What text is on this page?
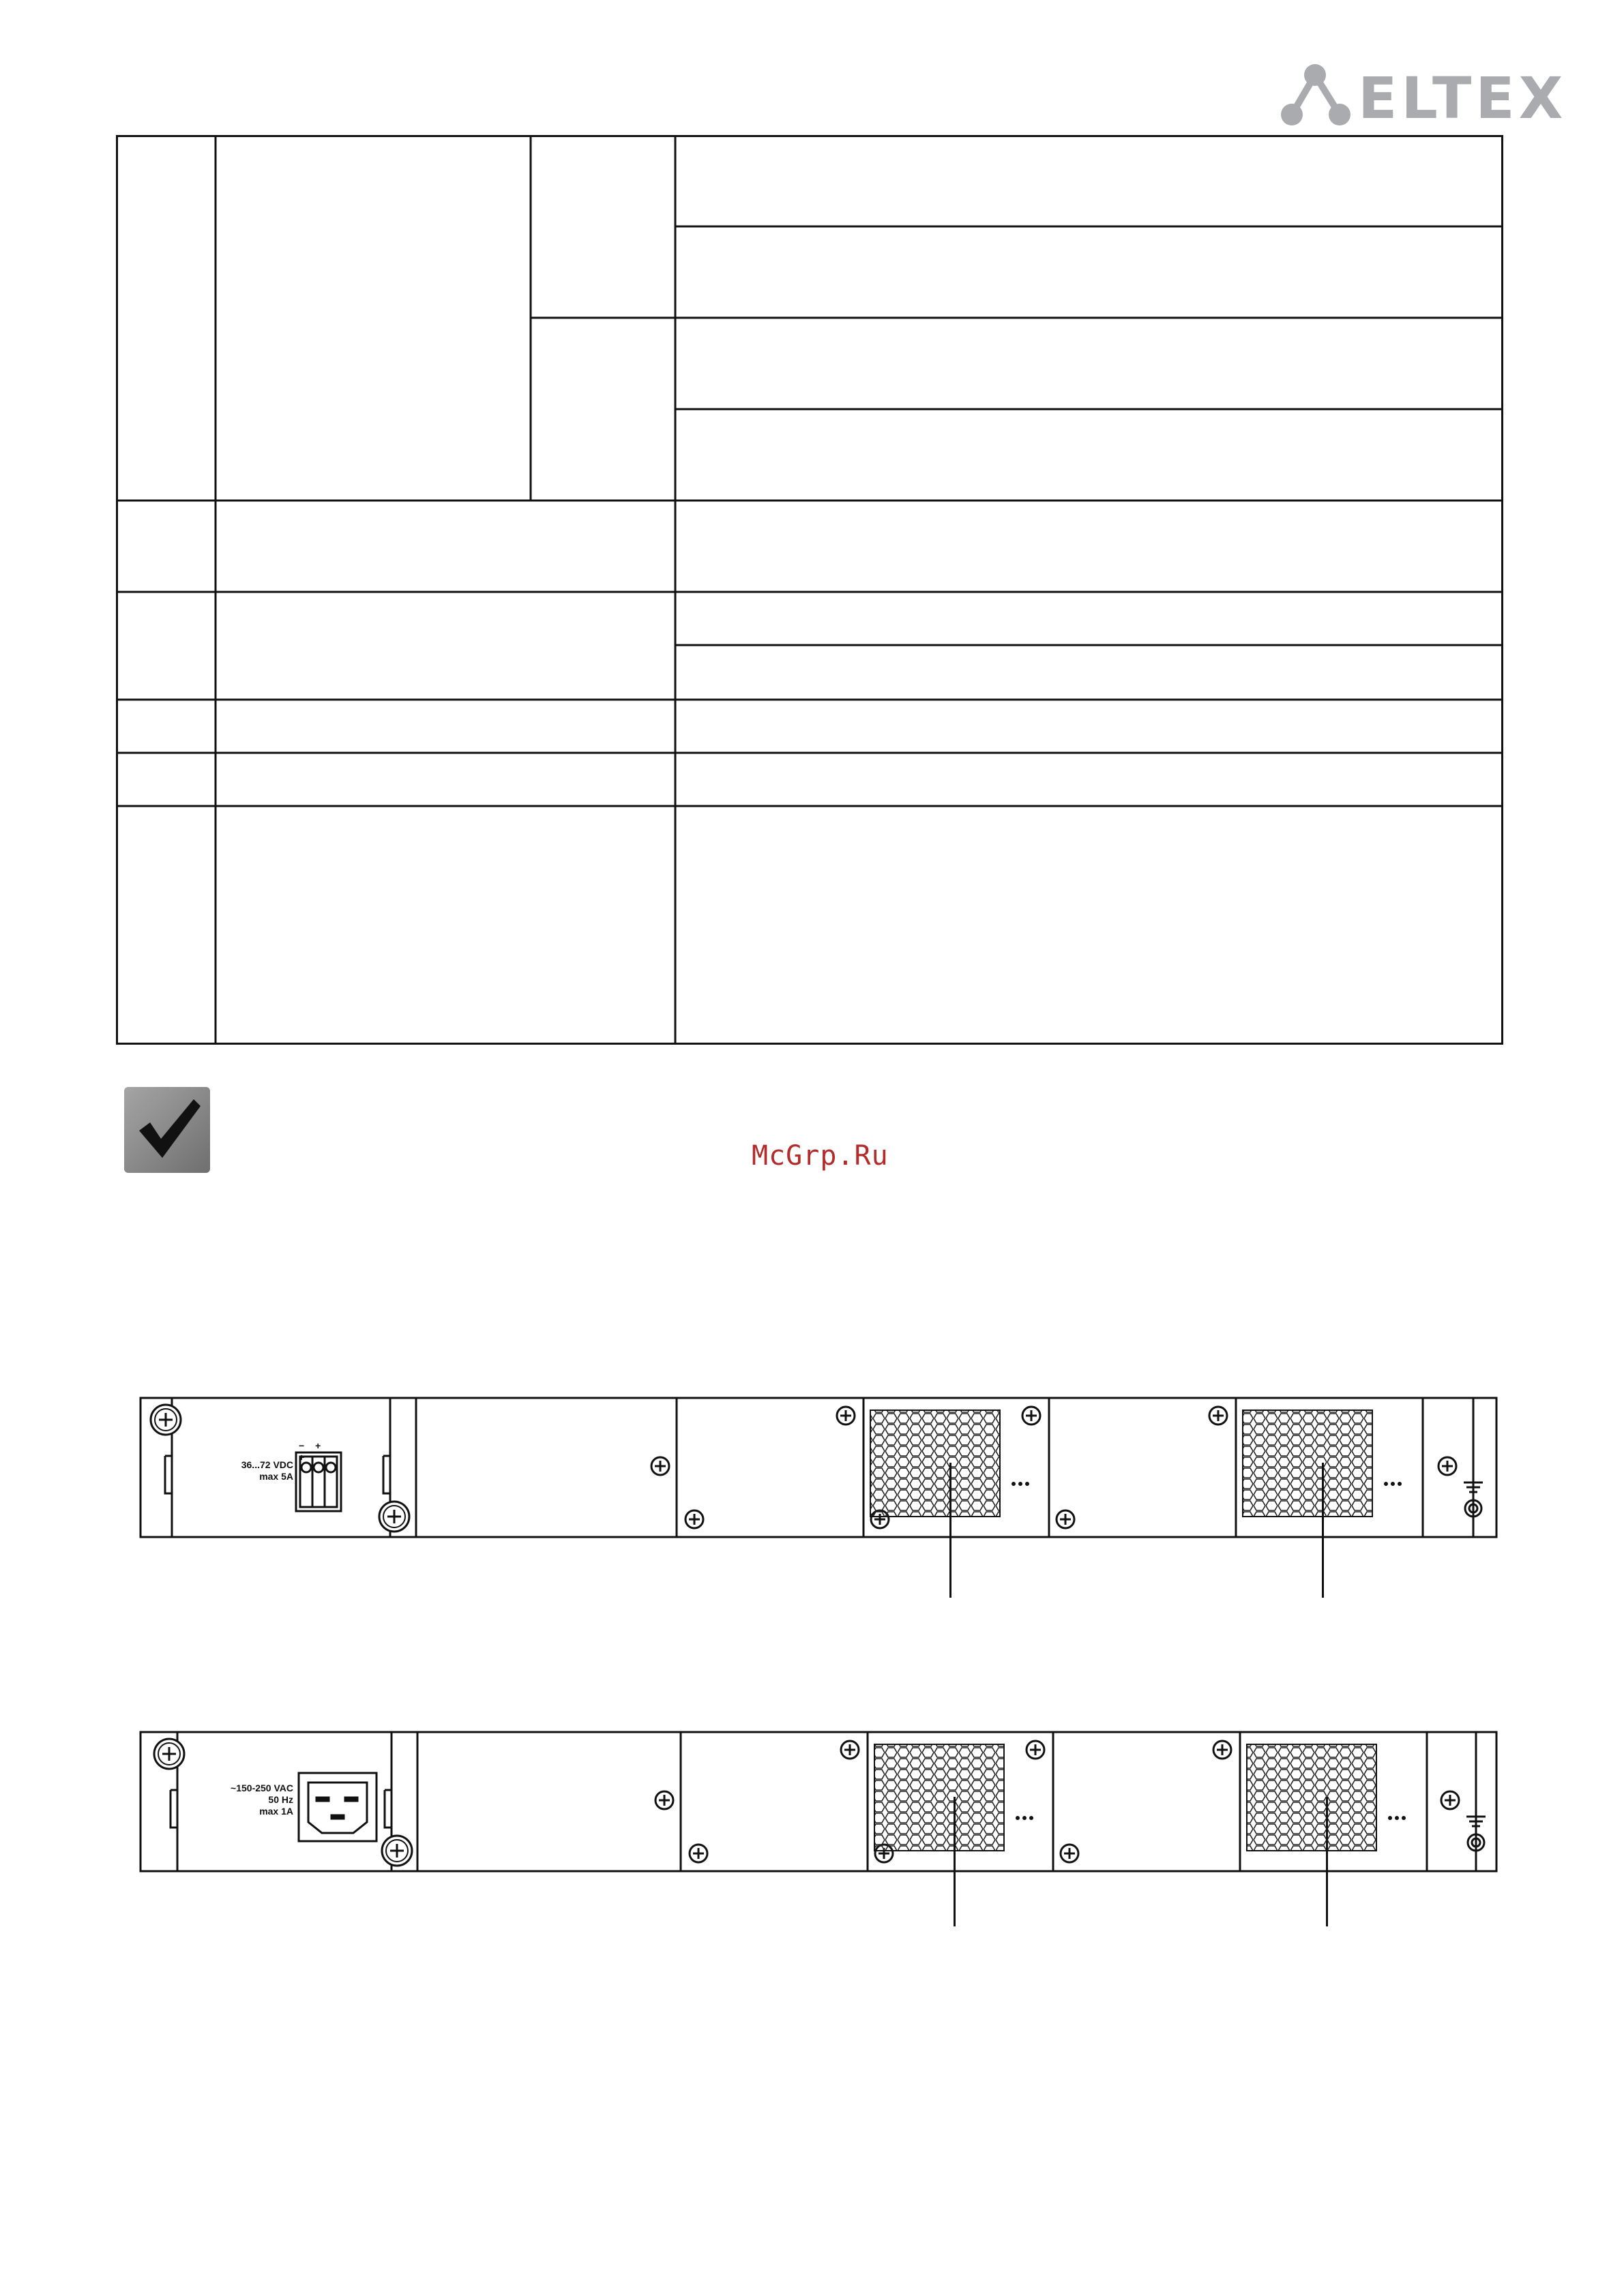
ELTEX
McGrp.Ru
36...72 VDC
max 5A
− + +
~150-250 VAC
50 Hz
max 1A
